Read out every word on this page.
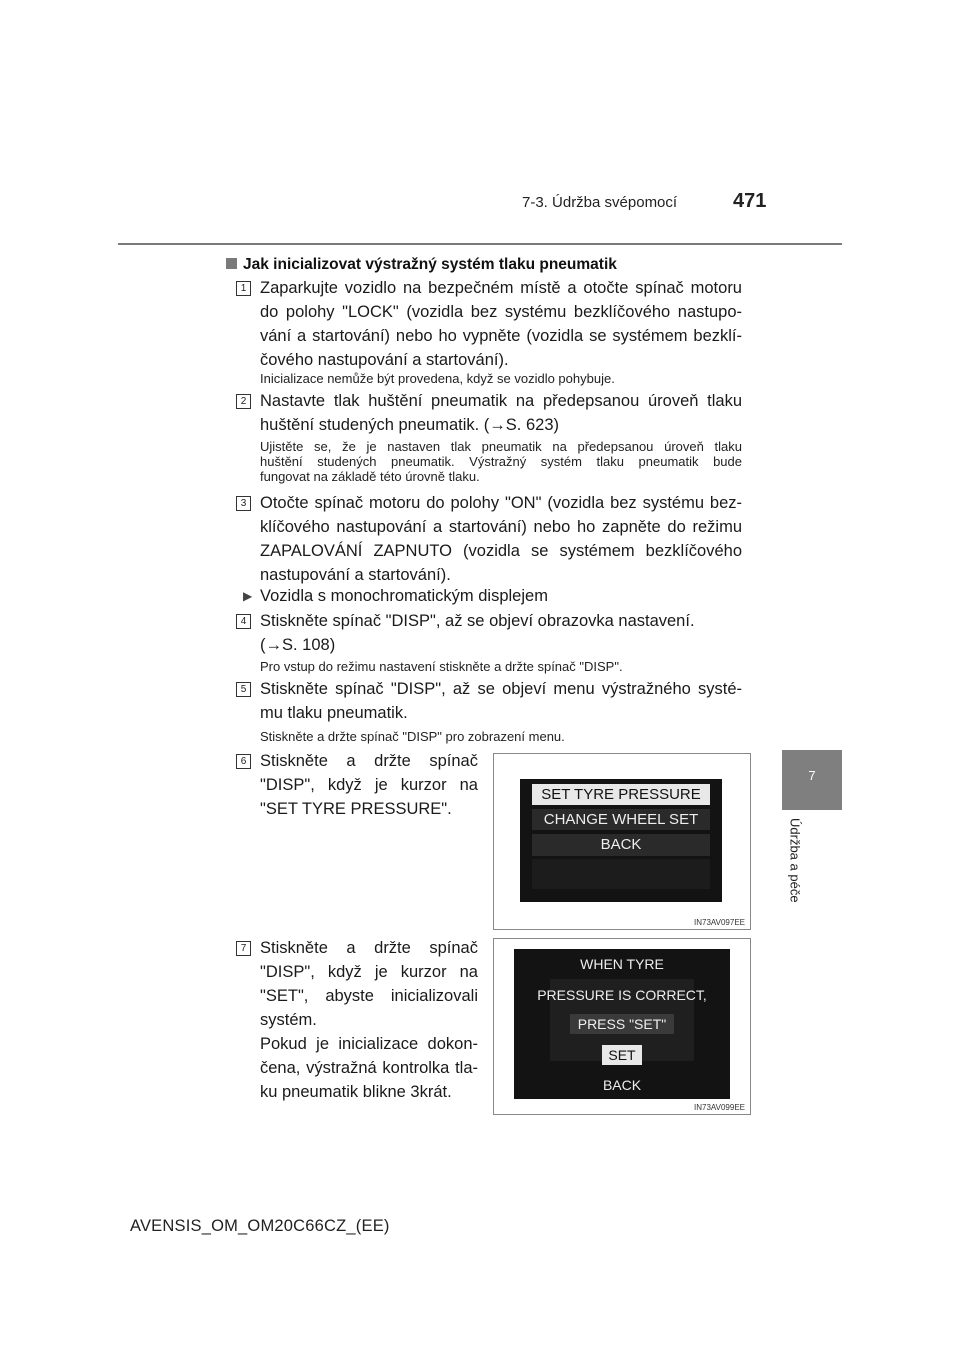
7-3. Údržba svépomocí	471
7
Údržba a péče
Jak inicializovat výstražný systém tlaku pneumatik
1 Zaparkujte vozidlo na bezpečném místě a otočte spínač motoru
do polohy "LOCK" (vozidla bez systému bezklíčového nastupo-
vání a startování) nebo ho vypněte (vozidla se systémem bezklí-
čového nastupování a startování).
Inicializace nemůže být provedena, když se vozidlo pohybuje.
2 Nastavte tlak huštění pneumatik na předepsanou úroveň tlaku
huštění studených pneumatik. (→S. 623)
Ujistěte se, že je nastaven tlak pneumatik na předepsanou úroveň tlaku
huštění studených pneumatik. Výstražný systém tlaku pneumatik bude
fungovat na základě této úrovně tlaku.
3 Otočte spínač motoru do polohy "ON" (vozidla bez systému bez-
klíčového nastupování a startování) nebo ho zapněte do režimu
ZAPALOVÁNÍ ZAPNUTO (vozidla se systémem bezklíčového
nastupování a startování).
▶ Vozidla s monochromatickým displejem
4 Stiskněte spínač "DISP", až se objeví obrazovka nastavení.
(→S. 108)
Pro vstup do režimu nastavení stiskněte a držte spínač "DISP".
5 Stiskněte spínač "DISP", až se objeví menu výstražného systé-
mu tlaku pneumatik.
Stiskněte a držte spínač "DISP" pro zobrazení menu.
6 Stiskněte a držte spínač
"DISP", když je kurzor na
"SET TYRE PRESSURE".
SET TYRE PRESSURE
CHANGE WHEEL SET
BACK
IN73AV097EE
7 Stiskněte a držte spínač
"DISP", když je kurzor na
"SET", abyste inicializovali
systém.
Pokud je inicializace dokon-
čena, výstražná kontrolka tla-
ku pneumatik blikne 3krát.
WHEN TYRE
PRESSURE IS CORRECT,
PRESS "SET"
SET
BACK
IN73AV099EE
AVENSIS_OM_OM20C66CZ_(EE)
